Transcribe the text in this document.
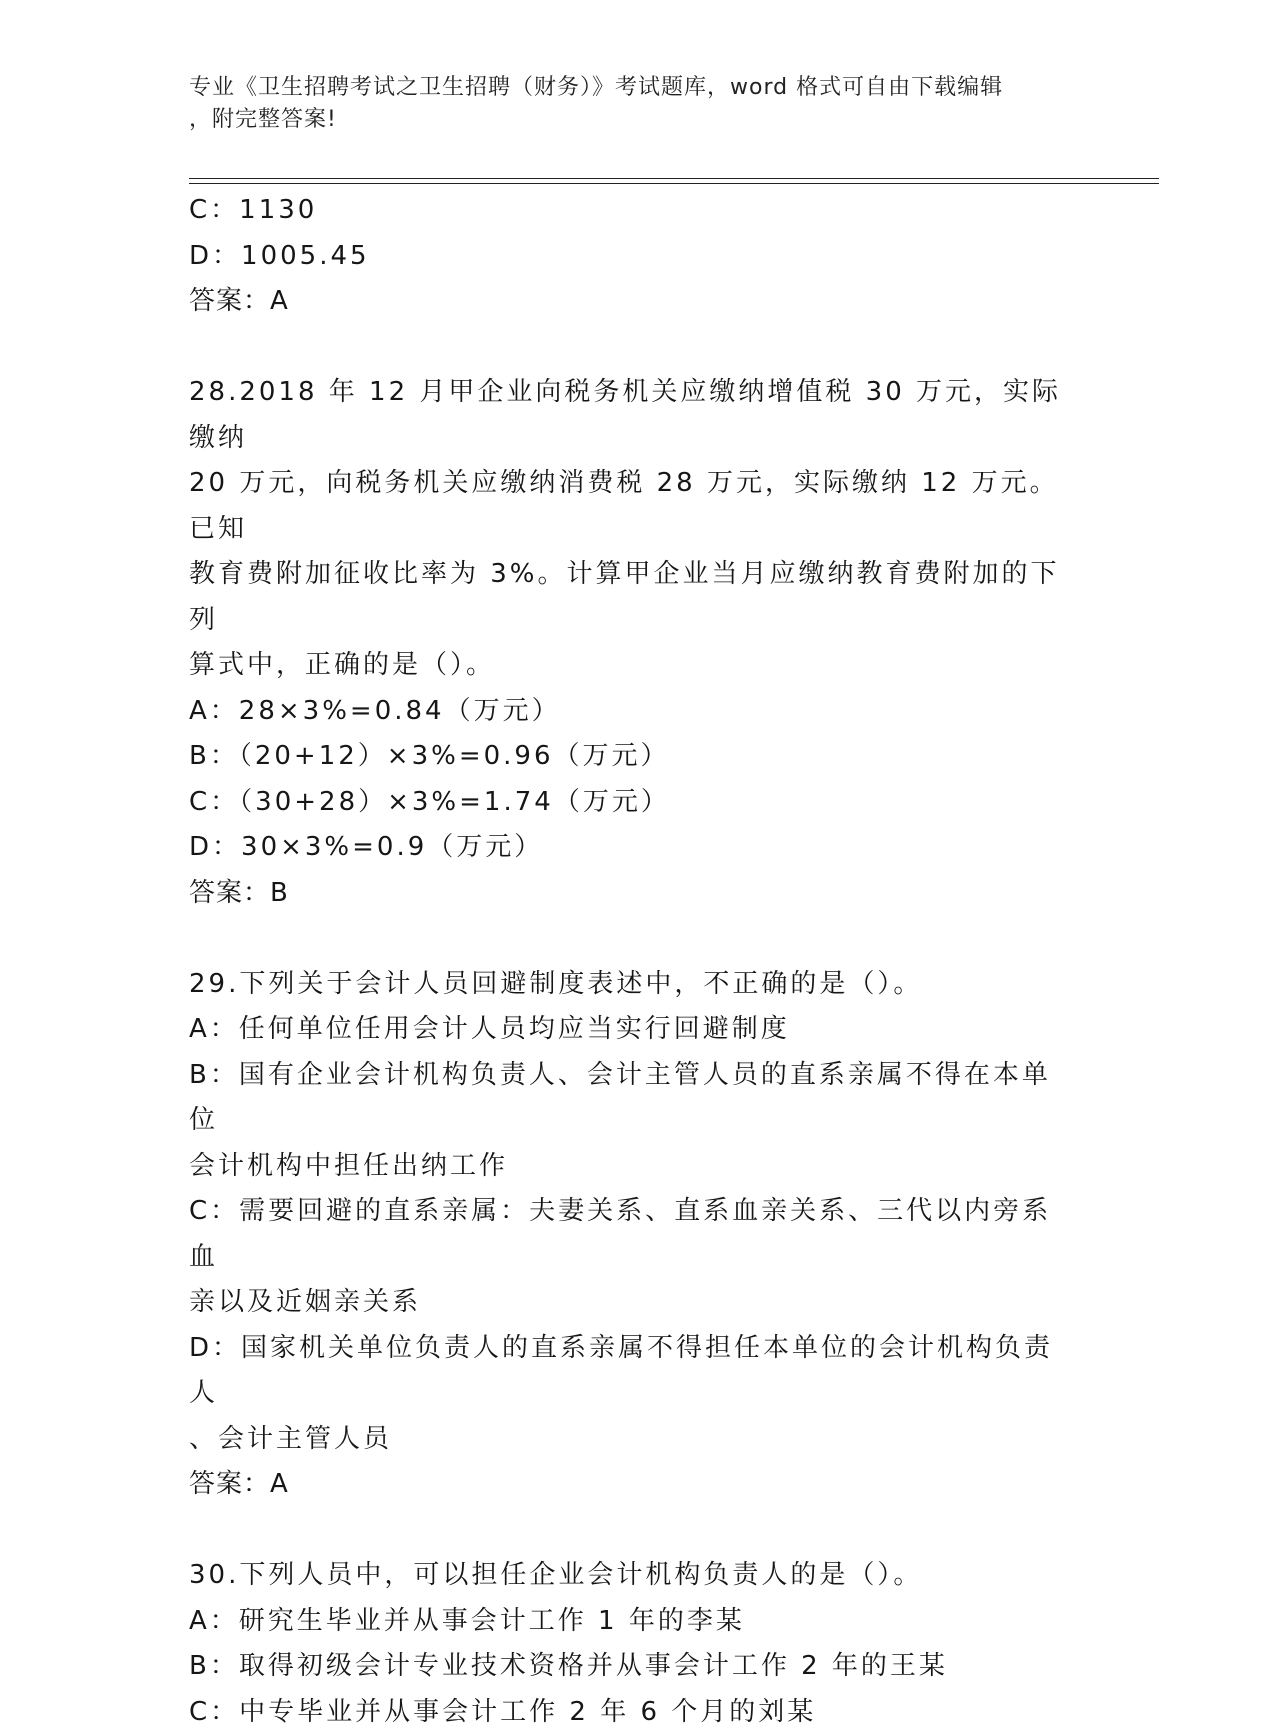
专业《卫生招聘考试之卫生招聘（财务）》考试题库，word 格式可自由下载编辑
，附完整答案!
C：1130
D：1005.45
答案：A
28.2018 年 12 月甲企业向税务机关应缴纳增值税 30 万元，实际缴纳
20 万元，向税务机关应缴纳消费税 28 万元，实际缴纳 12 万元。已知
教育费附加征收比率为 3%。计算甲企业当月应缴纳教育费附加的下列
算式中，正确的是（）。
A：28×3%=0.84（万元）
B：（20+12）×3%=0.96（万元）
C：（30+28）×3%=1.74（万元）
D：30×3%=0.9（万元）
答案：B
29.下列关于会计人员回避制度表述中，不正确的是（）。
A：任何单位任用会计人员均应当实行回避制度
B：国有企业会计机构负责人、会计主管人员的直系亲属不得在本单位
会计机构中担任出纳工作
C：需要回避的直系亲属：夫妻关系、直系血亲关系、三代以内旁系血
亲以及近姻亲关系
D：国家机关单位负责人的直系亲属不得担任本单位的会计机构负责人
、会计主管人员
答案：A
30.下列人员中，可以担任企业会计机构负责人的是（）。
A：研究生毕业并从事会计工作 1 年的李某
B：取得初级会计专业技术资格并从事会计工作 2 年的王某
C：中专毕业并从事会计工作 2 年 6 个月的刘某
